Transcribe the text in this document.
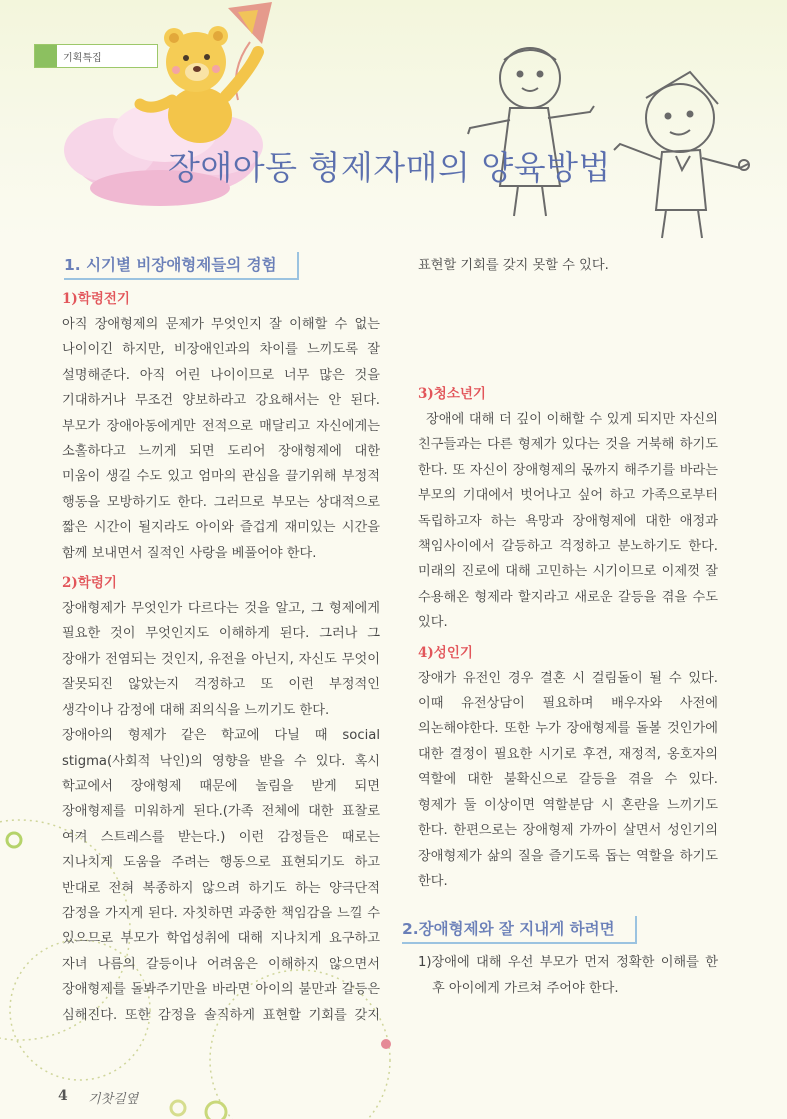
기획특집
장애아동 형제자매의 양육방법
1. 시기별 비장애형제들의 경험
1)학령전기

아직 장애형제의 문제가 무엇인지 잘 이해할 수 없는 나이이긴 하지만, 비장애인과의 차이를 느끼도록 잘 설명해준다. 아직 어린 나이이므로 너무 많은 것을 기대하거나 무조건 양보하라고 강요해서는 안 된다. 부모가 장애아동에게만 전적으로 매달리고 자신에게는 소홀하다고 느끼게 되면 도리어 장애형제에 대한 미움이 생길 수도 있고 엄마의 관심을 끌기위해 부정적 행동을 모방하기도 한다. 그러므로 부모는 상대적으로 짧은 시간이 될지라도 아이와 즐겁게 재미있는 시간을 함께 보내면서 질적인 사랑을 베풀어야 한다.

2)학령기

장애형제가 무엇인가 다르다는 것을 알고, 그 형제에게 필요한 것이 무엇인지도 이해하게 된다. 그러나 그 장애가 전염되는 것인지, 유전을 아닌지, 자신도 무엇이 잘못되진 않았는지 걱정하고 또 이런 부정적인 생각이나 감정에 대해 죄의식을 느끼기도 한다.

장애아의 형제가 같은 학교에 다닐 때 social stigma(사회적 낙인)의 영향을 받을 수 있다. 혹시 학교에서 장애형제 때문에 놀림을 받게 되면 장애형제를 미워하게 된다.(가족 전체에 대한 표찰로 여겨 스트레스를 받는다.) 이런 감정들은 때로는 지나치게 도움을 주려는 행동으로 표현되기도 하고 반대로 전혀 복종하지 않으려 하기도 하는 양극단적 감정을 가지게 된다. 자칫하면 과중한 책임감을 느낄 수 있으므로 부모가 학업성취에 대해 지나치게 요구하고 자녀 나름의 갈등이나 어려움은 이해하지 않으면서 장애형제를 돌봐주기만을 바라면 아이의 불만과 갈등은 심해진다. 또한 감정을 솔직하게 표현할 기회를 갖지

표현할 기회를 갖지 못할 수 있다.

3)청소년기

장애에 대해 더 깊이 이해할 수 있게 되지만 자신의 친구들과는 다른 형제가 있다는 것을 거북해 하기도 한다. 또 자신이 장애형제의 몫까지 해주기를 바라는 부모의 기대에서 벗어나고 싶어 하고 가족으로부터 독립하고자 하는 욕망과 장애형제에 대한 애정과 책임사이에서 갈등하고 걱정하고 분노하기도 한다. 미래의 진로에 대해 고민하는 시기이므로 이제껏 잘 수용해온 형제라 할지라고 새로운 갈등을 겪을 수도 있다.

4)성인기

장애가 유전인 경우 결혼 시 걸림돌이 될 수 있다. 이때 유전상담이 필요하며 배우자와 사전에 의논해야한다. 또한 누가 장애형제를 돌볼 것인가에 대한 결정이 필요한 시기로 후견, 재정적, 옹호자의 역할에 대한 불확신으로 갈등을 겪을 수 있다. 형제가 둘 이상이면 역할분담 시 혼란을 느끼기도 한다. 한편으로는 장애형제 가까이 살면서 성인기의 장애형제가 삶의 질을 즐기도록 돕는 역할을 하기도 한다.

2.장애형제와 잘 지내게 하려면

1)장애에 대해 우선 부모가 먼저 정확한 이해를 한 후 아이에게 가르쳐 주어야 한다.

4 기찻길옆
